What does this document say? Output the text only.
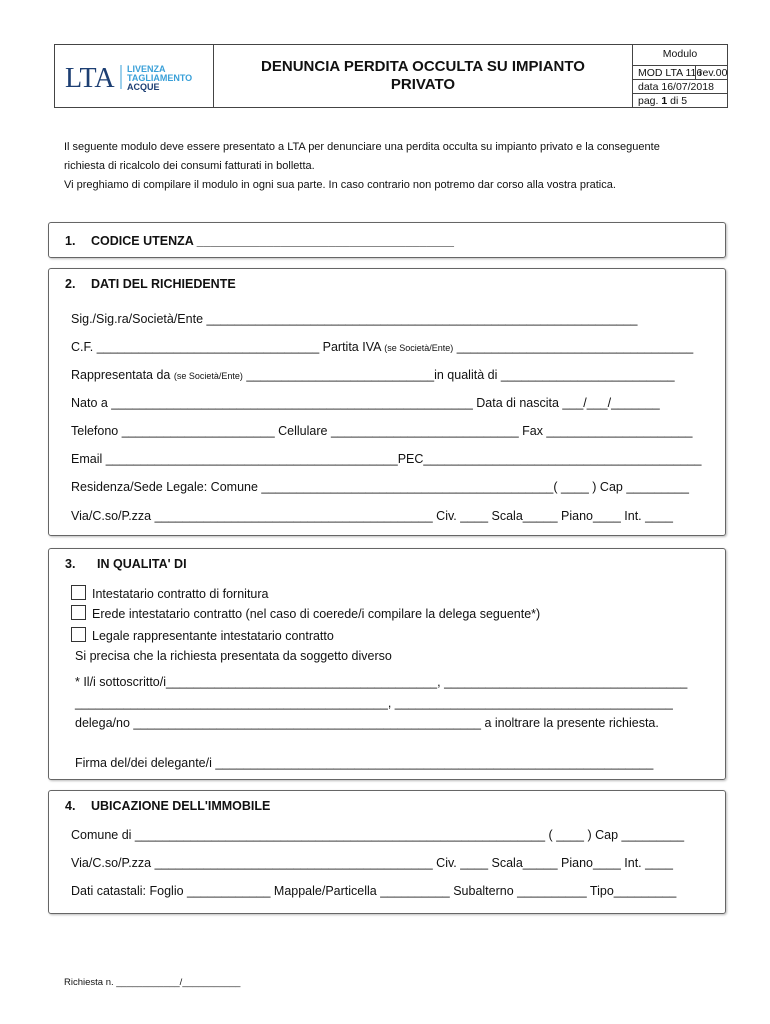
LTA LIVENZA
TAGLIAMENTO
ACQUE
DENUNCIA PERDITA OCCULTA SU IMPIANTO
PRIVATO
Modulo
MOD LTA 116
rev.00
data 16/07/2018
pag. 1 di 5
Il seguente modulo deve essere presentato a LTA per denunciare una perdita occulta su impianto privato e la conseguente
richiesta di ricalcolo dei consumi fatturati in bolletta.
Vi preghiamo di compilare il modulo in ogni sua parte. In caso contrario non potremo dar corso alla vostra pratica.
1. CODICE UTENZA _____________________________________
2. DATI DEL RICHIEDENTE
Sig./Sig.ra/Società/Ente ______________________________________________________________
C.F. ________________________________ Partita IVA (se Società/Ente) __________________________________
Rappresentata da (se Società/Ente) ___________________________in qualità di _________________________
Nato a ____________________________________________________ Data di nascita ___/___/_______
Telefono ______________________ Cellulare ___________________________ Fax _____________________
Email __________________________________________PEC________________________________________
Residenza/Sede Legale: Comune __________________________________________( ____ ) Cap _________
Via/C.so/P.zza ________________________________________ Civ. ____ Scala_____ Piano____ Int. ____
3. IN QUALITA' DI
Intestatario contratto di fornitura
Erede intestatario contratto (nel caso di coerede/i compilare la delega seguente*)
Legale rappresentante intestatario contratto
Si precisa che la richiesta presentata da soggetto diverso
* Il/i sottoscritto/i_______________________________________, ___________________________________
_____________________________________________, ________________________________________
delega/no __________________________________________________ a inoltrare la presente richiesta.
Firma del/dei delegante/i _______________________________________________________________
4. UBICAZIONE DELL'IMMOBILE
Comune di ___________________________________________________________ ( ____ ) Cap _________
Via/C.so/P.zza ________________________________________ Civ. ____ Scala_____ Piano____ Int. ____
Dati catastali: Foglio ____________ Mappale/Particella __________ Subalterno __________ Tipo_________
Richiesta n. ____________/___________
